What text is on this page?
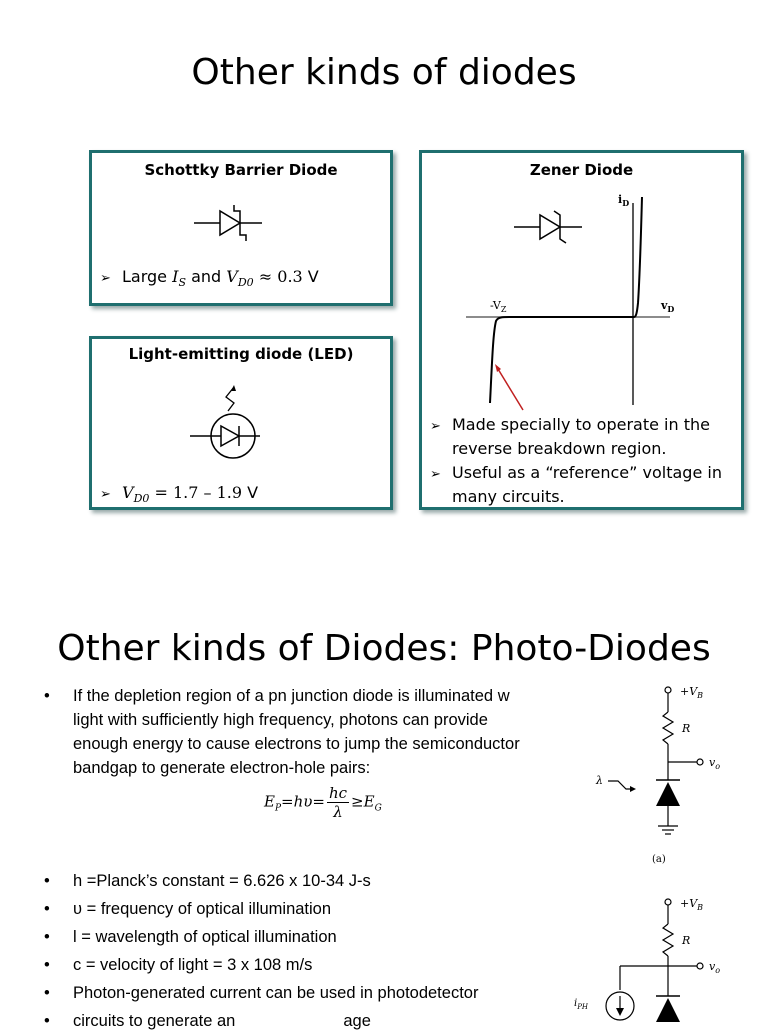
Other kinds of diodes
Schottky Barrier Diode
➢ Large $I_S$ and $V_{D0} \approx 0.3$ V
Light-emitting diode (LED)
➢ $V_{D0} = 1.7 - 1.9$ V
Zener Diode
$i_D$
$v_D$
$-V_Z$
➢ Made specially to operate in the
reverse breakdown region.
➢ Useful as a “reference” voltage in
many circuits.
Other kinds of Diodes: Photo-Diodes
• If the depletion region of a pn junction diode is illuminated w
light with sufficiently high frequency, photons can provide
enough energy to cause electrons to jump the semiconductor
bandgap to generate electron-hole pairs:
$E_P=h\upsilon= \frac{hc}{\lambda} \ge E_G$
• h =Planck’s constant = 6.626 x 10-34 J-s
• υ = frequency of optical illumination
• l = wavelength of optical illumination
• c = velocity of light = 3 x 108 m/s
• Photon-generated current can be used in photodetector
• circuits to generate an	age
$+V_B$
R
$v_o$
λ
(a)
$+V_B$
R
$v_o$
$i_{PH}$
